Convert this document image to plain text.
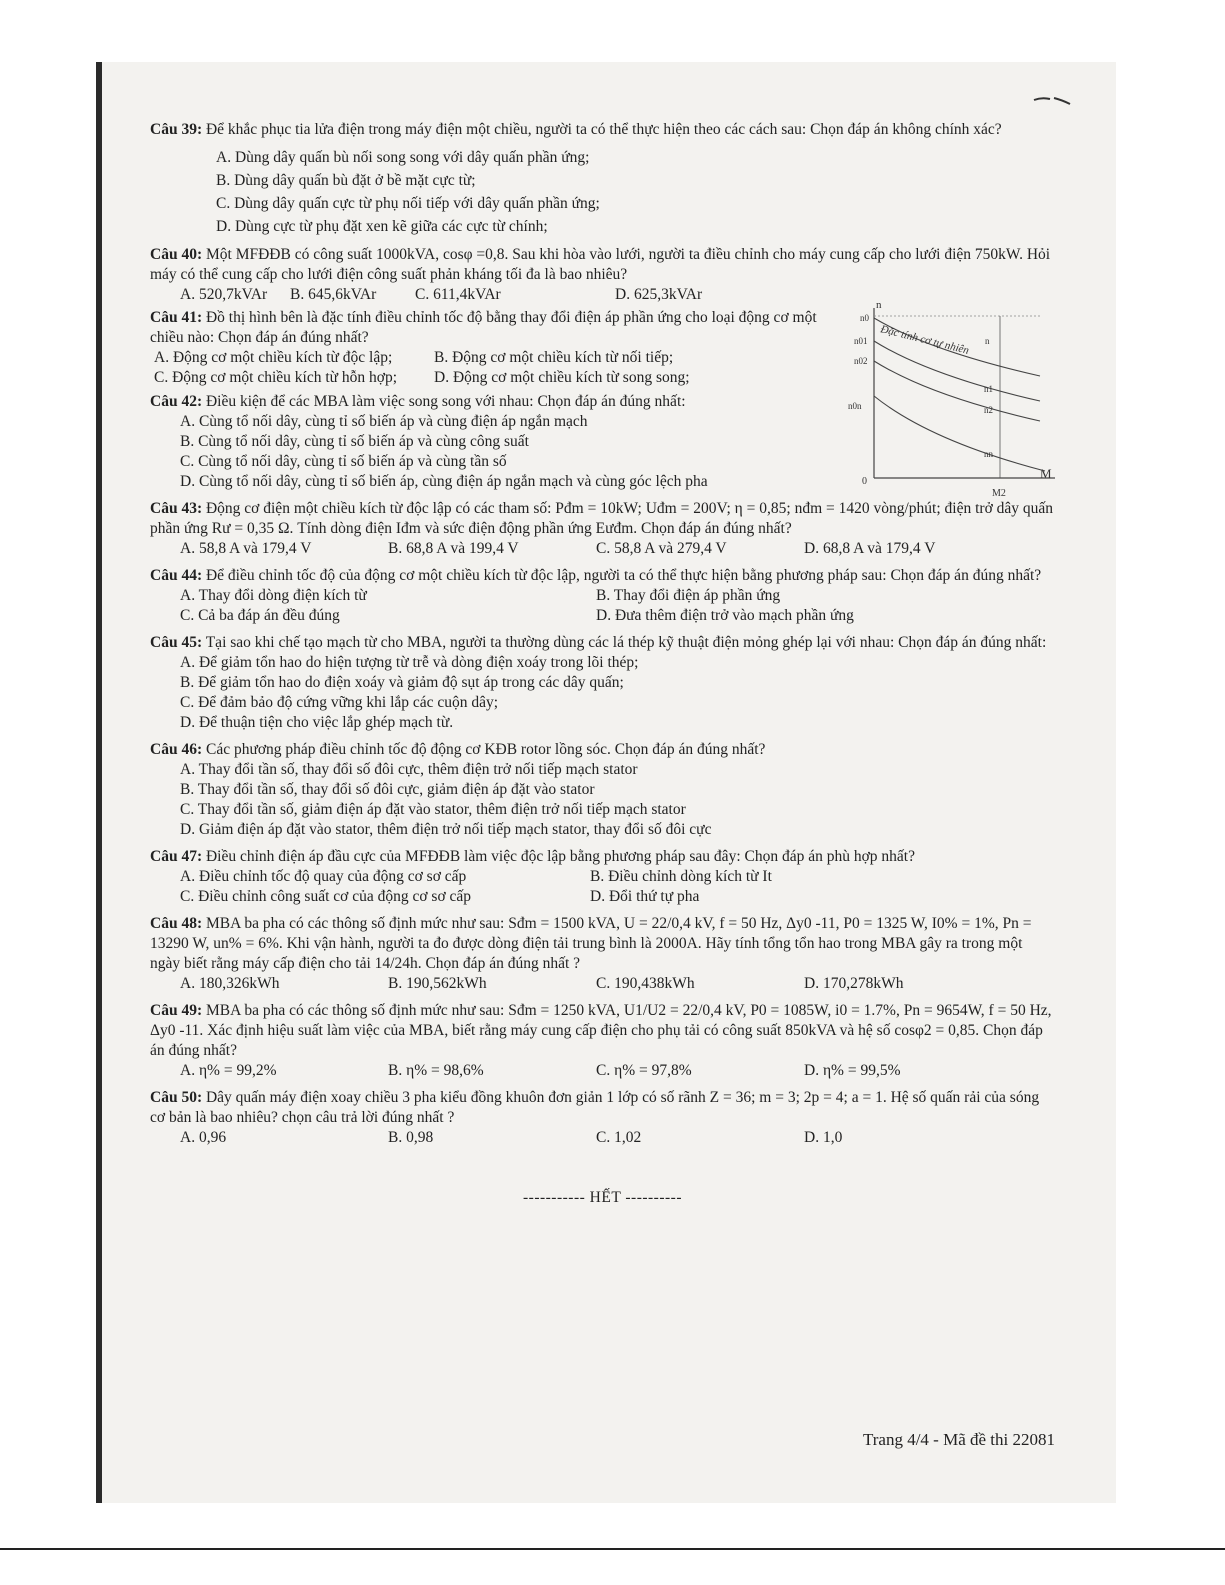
Câu 39: Để khắc phục tia lửa điện trong máy điện một chiều, người ta có thể thực hiện theo các cách sau: Chọn đáp án không chính xác?

A. Dùng dây quấn bù nối song song với dây quấn phần ứng;

B. Dùng dây quấn bù đặt ở bề mặt cực từ;

C. Dùng dây quấn cực từ phụ nối tiếp với dây quấn phần ứng;

D. Dùng cực từ phụ đặt xen kẽ giữa các cực từ chính;

Câu 40: Một MFĐĐB có công suất 1000kVA, cosφ =0,8. Sau khi hòa vào lưới, người ta điều chỉnh cho máy cung cấp cho lưới điện 750kW. Hỏi máy có thể cung cấp cho lưới điện công suất phản kháng tối đa là bao nhiêu?

A. 520,7kVAr	B. 645,6kVAr	C. 611,4kVAr	D. 625,3kVAr

Câu 41: Đồ thị hình bên là đặc tính điều chỉnh tốc độ bằng thay đổi điện áp phần ứng cho loại động cơ một chiều nào: Chọn đáp án đúng nhất?

A. Động cơ một chiều kích từ độc lập;	B. Động cơ một chiều kích từ nối tiếp;
C. Động cơ một chiều kích từ hỗn hợp;	D. Động cơ một chiều kích từ song song;

Câu 42: Điều kiện để các MBA làm việc song song với nhau: Chọn đáp án đúng nhất:

A. Cùng tổ nối dây, cùng tỉ số biến áp và cùng điện áp ngắn mạch

B. Cùng tổ nối dây, cùng tỉ số biến áp và cùng công suất

C. Cùng tổ nối dây, cùng tỉ số biến áp và cùng tần số

D. Cùng tổ nối dây, cùng tỉ số biến áp, cùng điện áp ngắn mạch và cùng góc lệch pha

Câu 43: Động cơ điện một chiều kích từ độc lập có các tham số: Pđm = 10kW; Uđm = 200V; η = 0,85; nđm = 1420 vòng/phút; điện trở dây quấn phần ứng Rư = 0,35 Ω. Tính dòng điện Iđm và sức điện động phần ứng Eưđm. Chọn đáp án đúng nhất?

A. 58,8 A và 179,4 V	B. 68,8 A và 199,4 V	C. 58,8 A và 279,4 V	D. 68,8 A và 179,4 V

Câu 44: Để điều chỉnh tốc độ của động cơ một chiều kích từ độc lập, người ta có thể thực hiện bằng phương pháp sau: Chọn đáp án đúng nhất?

A. Thay đổi dòng điện kích từ	B. Thay đổi điện áp phần ứng
C. Cả ba đáp án đều đúng	D. Đưa thêm điện trở vào mạch phần ứng

Câu 45: Tại sao khi chế tạo mạch từ cho MBA, người ta thường dùng các lá thép kỹ thuật điện mỏng ghép lại với nhau: Chọn đáp án đúng nhất:

A. Để giảm tổn hao do hiện tượng từ trễ và dòng điện xoáy trong lõi thép;

B. Để giảm tổn hao do điện xoáy và giảm độ sụt áp trong các dây quấn;

C. Để đảm bảo độ cứng vững khi lắp các cuộn dây;

D. Để thuận tiện cho việc lắp ghép mạch từ.

Câu 46: Các phương pháp điều chỉnh tốc độ động cơ KĐB rotor lồng sóc. Chọn đáp án đúng nhất?

A. Thay đổi tần số, thay đổi số đôi cực, thêm điện trở nối tiếp mạch stator

B. Thay đổi tần số, thay đổi số đôi cực, giảm điện áp đặt vào stator

C. Thay đổi tần số, giảm điện áp đặt vào stator, thêm điện trở nối tiếp mạch stator

D. Giảm điện áp đặt vào stator, thêm điện trở nối tiếp mạch stator, thay đổi số đôi cực

Câu 47: Điều chỉnh điện áp đầu cực của MFĐĐB làm việc độc lập bằng phương pháp sau đây: Chọn đáp án phù hợp nhất?

A. Điều chỉnh tốc độ quay của động cơ sơ cấp	B. Điều chỉnh dòng kích từ It
C. Điều chỉnh công suất cơ của động cơ sơ cấp	D. Đổi thứ tự pha

Câu 48: MBA ba pha có các thông số định mức như sau: Sđm = 1500 kVA, U = 22/0,4 kV, f = 50 Hz, Δy0 -11, P0 = 1325 W, I0% = 1%, Pn = 13290 W, un% = 6%. Khi vận hành, người ta đo được dòng điện tải trung bình là 2000A. Hãy tính tổng tổn hao trong MBA gây ra trong một ngày biết rằng máy cấp điện cho tải 14/24h. Chọn đáp án đúng nhất ?

A. 180,326kWh	B. 190,562kWh	C. 190,438kWh	D. 170,278kWh

Câu 49: MBA ba pha có các thông số định mức như sau: Sđm = 1250 kVA, U1/U2 = 22/0,4 kV, P0 = 1085W, i0 = 1.7%, Pn = 9654W, f = 50 Hz, Δy0 -11. Xác định hiệu suất làm việc của MBA, biết rằng máy cung cấp điện cho phụ tải có công suất 850kVA và hệ số cosφ2 = 0,85. Chọn đáp án đúng nhất?

A. η% = 99,2%	B. η% = 98,6%	C. η% = 97,8%	D. η% = 99,5%

Câu 50: Dây quấn máy điện xoay chiều 3 pha kiểu đồng khuôn đơn giản 1 lớp có số rãnh Z = 36; m = 3; 2p = 4; a = 1. Hệ số quấn rải của sóng cơ bản là bao nhiêu? chọn câu trả lời đúng nhất ?

A. 0,96	B. 0,98	C. 1,02	D. 1,0

----------- HẾT ----------

n
M
0
n0
n01
n02
n0n
Đặc tính cơ tự nhiên n
n1
n2
nn
M2
Trang 4/4 - Mã đề thi 22081
